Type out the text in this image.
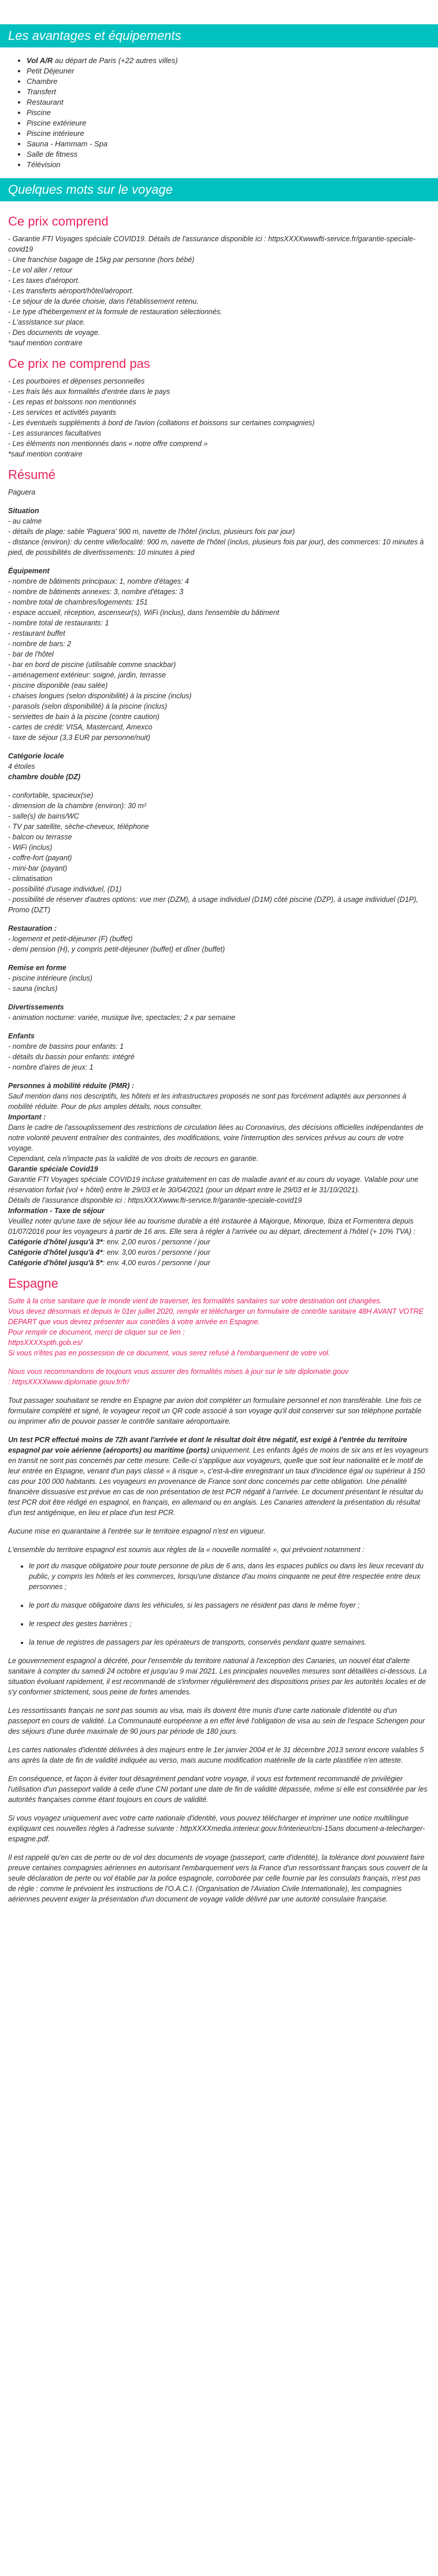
Les avantages et équipements
• Vol A/R au départ de Paris (+22 autres villes)
• Petit Déjeuner
• Chambre
• Transfert
• Restaurant
• Piscine
• Piscine extérieure
• Piscine intérieure
• Sauna - Hammam - Spa
• Salle de fitness
• Télévision
Quelques mots sur le voyage
Ce prix comprend

- Garantie FTI Voyages spéciale COVID19. Détails de l'assurance disponible ici : httpsXXXXwwwfti-service.fr/garantie-speciale-covid19

- Une franchise bagage de 15kg par personne (hors bébé)

- Le vol aller / retour

- Les taxes d'aéroport.

- Les transferts aéroport/hôtel/aéroport.

- Le séjour de la durée choisie, dans l'établissement retenu.

- Le type d'hébergement et la formule de restauration sélectionnés.

- L'assistance sur place.

- Des documents de voyage.

*sauf mention contraire

Ce prix ne comprend pas

- Les pourboires et dépenses personnelles

- Les frais liés aux formalités d'entrée dans le pays

- Les repas et boissons non mentionnés

- Les services et activités payants

- Les éventuels suppléments à bord de l'avion (collations et boissons sur certaines compagnies)

- Les assurances facultatives

- Les éléments non mentionnés dans « notre offre comprend »

*sauf mention contraire

Résumé

Paguera

Situation

- au calme

- détails de plage: sable 'Paguera' 900 m, navette de l'hôtel (inclus, plusieurs fois par jour)

- distance (environ): du centre ville/localité: 900 m, navette de l'hôtel (inclus, plusieurs fois par jour), des commerces: 10 minutes à pied, de possibilités de divertissements: 10 minutes à pied

Équipement

- nombre de bâtiments principaux: 1, nombre d'étages: 4

- nombre de bâtiments annexes: 3, nombre d'étages: 3

- nombre total de chambres/logements: 151

- espace accueil, réception, ascenseur(s), WiFi (inclus), dans l'ensemble du bâtiment

- nombre total de restaurants: 1

- restaurant buffet

- nombre de bars: 2

- bar de l'hôtel

- bar en bord de piscine (utilisable comme snackbar)

- aménagement extérieur: soigné, jardin, terrasse

- piscine disponible (eau salée)

- chaises longues (selon disponibilité) à la piscine (inclus)

- parasols (selon disponibilité) à la piscine (inclus)

- serviettes de bain à la piscine (contre caution)

- cartes de crédit: VISA, Mastercard, Amexco

- taxe de séjour (3,3 EUR par personne/nuit)

Catégorie locale

4 étoiles

chambre double (DZ)

- confortable, spacieux(se)

- dimension de la chambre (environ): 30 m²

- salle(s) de bains/WC

- TV par satellite, sèche-cheveux, téléphone

- balcon ou terrasse

- WiFi (inclus)

- coffre-fort (payant)

- mini-bar (payant)

- climatisation

- possibilité d'usage individuel, (D1)

- possibilité de réserver d'autres options: vue mer (DZM), à usage individuel (D1M) côté piscine (DZP), à usage individuel (D1P), Promo (DZT)

Restauration :

- logement et petit-déjeuner (F) (buffet)

- demi pension (H), y compris petit-déjeuner (buffet) et dîner (buffet)

Remise en forme

- piscine intérieure (inclus)

- sauna (inclus)

Divertissements

- animation nocturne: variée, musique live, spectacles; 2 x par semaine

Enfants

- nombre de bassins pour enfants: 1

- détails du bassin pour enfants: intégré

- nombre d'aires de jeux: 1

Personnes à mobilité réduite (PMR) :

Sauf mention dans nos descriptifs, les hôtels et les infrastructures proposés ne sont pas forcément adaptés aux personnes à mobilité réduite. Pour de plus amples détails, nous consulter.

Important :

Dans le cadre de l'assouplissement des restrictions de circulation liées au Coronavirus, des décisions officielles indépendantes de notre volonté peuvent entraîner des contraintes, des modifications, voire l'interruption des services prévus au cours de votre voyage.

Cependant, cela n'impacte pas la validité de vos droits de recours en garantie.

Garantie spéciale Covid19

Garantie FTI Voyages spéciale COVID19 incluse gratuitement en cas de maladie avant et au cours du voyage. Valable pour une réservation forfait (vol + hôtel) entre le 29/03 et le 30/04/2021 (pour un départ entre le 29/03 et le 31/10/2021).

Détails de l'assurance disponible ici : httpsXXXXwww.fti-service.fr/garantie-speciale-covid19

Information - Taxe de séjour

Veuillez noter qu'une taxe de séjour liée au tourisme durable a été instaurée à Majorque, Minorque, Ibiza et Formentera depuis 01/07/2016 pour les voyageurs à partir de 16 ans. Elle sera à régler à l'arrivée ou au départ, directement à l'hôtel (+ 10% TVA) :

Catégorie d'hôtel jusqu'à 3*: env. 2,00 euros / personne / jour

Catégorie d'hôtel jusqu'à 4*: env. 3,00 euros / personne / jour

Catégorie d'hôtel jusqu'à 5*: env. 4,00 euros / personne / jour

Espagne

Suite à la crise sanitaire que le monde vient de traverser, les formalités sanitaires sur votre destination ont changées.

Vous devez désormais et depuis le 01er juillet 2020, remplir et télécharger un formulaire de contrôle sanitaire 48H AVANT VOTRE DEPART que vous devrez présenter aux contrôles à votre arrivée en Espagne.

Pour remplir ce document, merci de cliquer sur ce lien :

httpsXXXXspth.gob.es/

Si vous n'êtes pas en possession de ce document, vous serez refusé à l'embarquement de votre vol.

Nous vous recommandons de toujours vous assurer des formalités mises à jour sur le site diplomatie.gouv

: httpsXXXXwww.diplomatie.gouv.fr/fr/

Tout passager souhaitant se rendre en Espagne par avion doit compléter un formulaire personnel et non transférable. Une fois ce formulaire complété et signé, le voyageur reçoit un QR code associé à son voyage qu'il doit conserver sur son téléphone portable ou imprimer afin de pouvoir passer le contrôle sanitaire aéroportuaire.

Un test PCR effectué moins de 72h avant l'arrivée et dont le résultat doit être négatif, est exigé à l'entrée du territoire espagnol par voie aérienne (aéroports) ou maritime (ports) uniquement. Les enfants âgés de moins de six ans et les voyageurs en transit ne sont pas concernés par cette mesure. Celle-ci s'applique aux voyageurs, quelle que soit leur nationalité et le motif de leur entrée en Espagne, venant d'un pays classé « à risque », c'est-à-dire enregistrant un taux d'incidence égal ou supérieur à 150 cas pour 100 000 habitants. Les voyageurs en provenance de France sont donc concernés par cette obligation. Une pénalité financière dissuasive est prévue en cas de non présentation de test PCR négatif à l'arrivée. Le document présentant le résultat du test PCR doit être rédigé en espagnol, en français, en allemand ou en anglais. Les Canaries attendent la présentation du résultat d'un test antigénique, en lieu et place d'un test PCR.

Aucune mise en quarantaine à l'entrée sur le territoire espagnol n'est en vigueur.

L'ensemble du territoire espagnol est soumis aux règles de la « nouvelle normalité », qui prévoient notamment :

• le port du masque obligatoire pour toute personne de plus de 6 ans, dans les espaces publics ou dans les lieux recevant du public, y compris les hôtels et les commerces, lorsqu'une distance d'au moins cinquante ne peut être respectée entre deux personnes ;
• le port du masque obligatoire dans les véhicules, si les passagers ne résident pas dans le même foyer ;
• le respect des gestes barrières ;
• la tenue de registres de passagers par les opérateurs de transports, conservés pendant quatre semaines.

Le gouvernement espagnol a décrété, pour l'ensemble du territoire national à l'exception des Canaries, un nouvel état d'alerte sanitaire à compter du samedi 24 octobre et jusqu'au 9 mai 2021. Les principales nouvelles mesures sont détaillées ci-dessous. La situation évoluant rapidement, il est recommandé de s'informer régulièrement des dispositions prises par les autorités locales et de s'y conformer strictement, sous peine de fortes amendes.

Les ressortissants français ne sont pas soumis au visa, mais ils doivent être munis d'une carte nationale d'identité ou d'un passeport en cours de validité. La Communauté européenne a en effet levé l'obligation de visa au sein de l'espace Schengen pour des séjours d'une durée maximale de 90 jours par période de 180 jours.

Les cartes nationales d'identité délivrées à des majeurs entre le 1er janvier 2004 et le 31 décembre 2013 seront encore valables 5 ans après la date de fin de validité indiquée au verso, mais aucune modification matérielle de la carte plastifiée n'en atteste.

En conséquence, et façon à éviter tout désagrément pendant votre voyage, il vous est fortement recommandé de privilégier l'utilisation d'un passeport valide à celle d'une CNI portant une date de fin de validité dépassée, même si elle est considérée par les autorités françaises comme étant toujours en cours de validité.

Si vous voyagez uniquement avec votre carte nationale d'identité, vous pouvez télécharger et imprimer une notice multilingue expliquant ces nouvelles règles à l'adresse suivante : httpXXXXmedia.interieur.gouv.fr/interieur/cni-15ans document-a-telecharger-espagne.pdf.

Il est rappelé qu'en cas de perte ou de vol des documents de voyage (passeport, carte d'identité), la tolérance dont pouvaient faire preuve certaines compagnies aériennes en autorisant l'embarquement vers la France d'un ressortissant français sous couvert de la seule déclaration de perte ou vol établie par la police espagnole, corroborée par celle fournie par les consulats français, n'est pas de règle : comme le prévoient les instructions de l'O.A.C.I. (Organisation de l'Aviation Civile Internationale), les compagnies aériennes peuvent exiger la présentation d'un document de voyage valide délivré par une autorité consulaire française.
